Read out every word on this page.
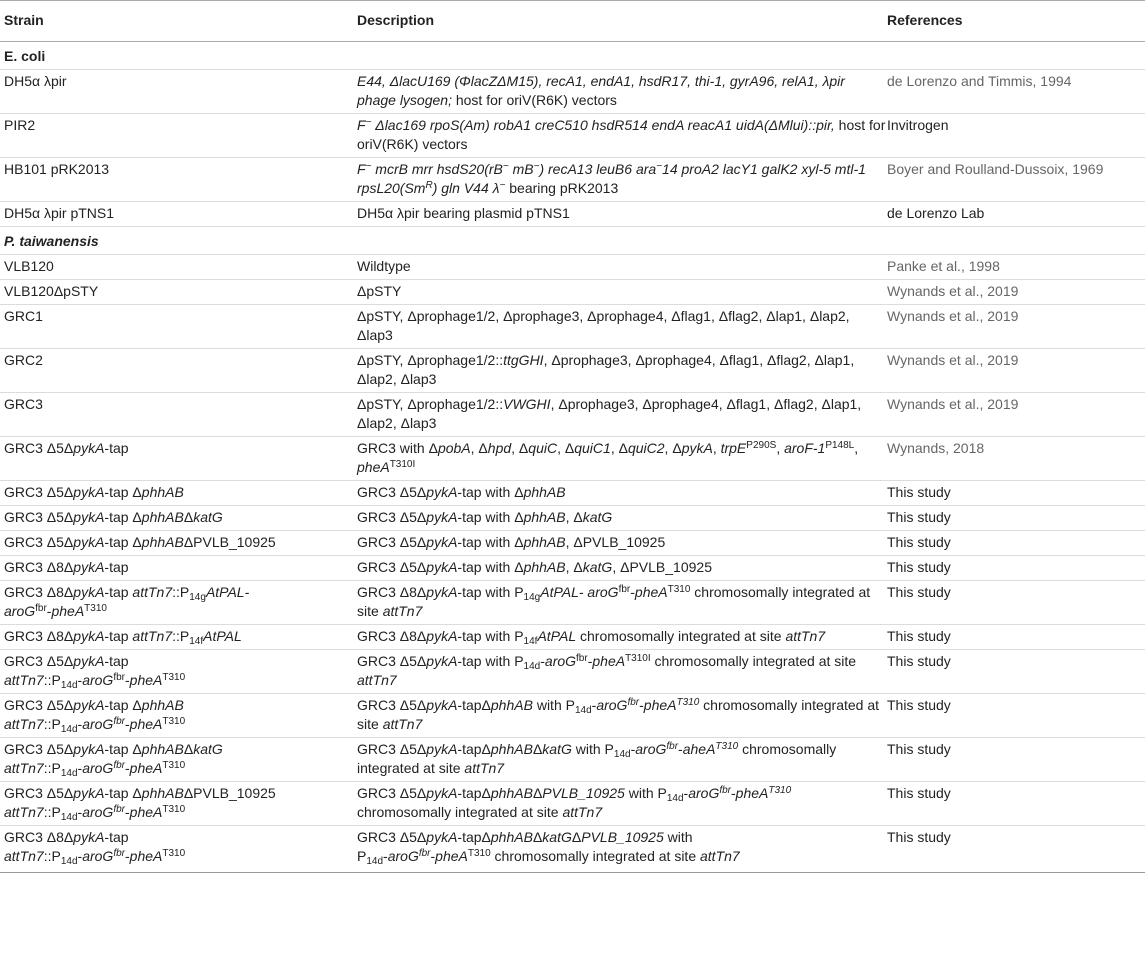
Strain	Description	References
E. coli		
DH5α λpir	E44, ΔlacU169 (ΦlacZΔM15), recA1, endA1, hsdR17, thi-1, gyrA96, relA1, λpir phage lysogen; host for oriV(R6K) vectors	de Lorenzo and Timmis, 1994
PIR2	F− Δlac169 rpoS(Am) robA1 creC510 hsdR514 endA reacA1 uidA(ΔMlui)::pir, host for oriV(R6K) vectors	Invitrogen
HB101 pRK2013	F− mcrB mrr hsdS20(rB− mB−) recA13 leuB6 ara−14 proA2 lacY1 galK2 xyl-5 mtl-1 $rpsL20(Sm^R)$ gln V44 λ− bearing pRK2013	Boyer and Roulland-Dussoix, 1969
DH5α λpir pTNS1	DH5α λpir bearing plasmid pTNS1	de Lorenzo Lab
P. taiwanensis		
VLB120	Wildtype	Panke et al., 1998
VLB120ΔpSTY	ΔpSTY	Wynands et al., 2019
GRC1	ΔpSTY, Δprophage1/2, Δprophage3, Δprophage4, Δflag1, Δflag2, Δlap1, Δlap2, Δlap3	Wynands et al., 2019
GRC2	ΔpSTY, Δprophage1/2::ttgGHI, Δprophage3, Δprophage4, Δflag1, Δflag2, Δlap1, Δlap2, Δlap3	Wynands et al., 2019
GRC3	ΔpSTY, Δprophage1/2::VWGHI, Δprophage3, Δprophage4, Δflag1, Δflag2, Δlap1, Δlap2, Δlap3	Wynands et al., 2019
GRC3 Δ5ΔpykA-tap	GRC3 with ΔpobA, Δhpd, ΔquiC, ΔquiC1, ΔquiC2, ΔpykA, trpE$^{P290S}$, aroF-$1^{P148L}$, pheA$^{T310I}$	Wynands, 2018
GRC3 Δ5ΔpykA-tap ΔphhAB	GRC3 Δ5ΔpykA-tap with ΔphhAB	This study
GRC3 Δ5ΔpykA-tap ΔphhABΔkatG	GRC3 Δ5ΔpykA-tap with ΔphhAB, ΔkatG	This study
GRC3 Δ5ΔpykA-tap ΔphhABΔPVLB_10925	GRC3 Δ5ΔpykA-tap with ΔphhAB, ΔPVLB_10925	This study
GRC3 Δ8ΔpykA-tap	GRC3 Δ5ΔpykA-tap with ΔphhAB, ΔkatG, ΔPVLB_10925	This study
GRC3 Δ8ΔpykA-tap $attTn7::P_{14g}AtPAL-$
aroG$^{fbr}$-pheA$^{T310}$	GRC3 Δ8ΔpykA-tap with $P_{14g}AtPAL-$ aroG$^{fbr}$-pheA$^{T310}$ chromosomally integrated at site attTn7	This study
GRC3 Δ8ΔpykA-tap $attTn7::P_{14f}AtPAL$	GRC3 Δ8ΔpykA-tap with $P_{14f}AtPAL$ chromosomally integrated at site attTn7	This study
GRC3 Δ5ΔpykA-tap
$attTn7::P_{14d}-aroG^{fbr}-pheA^{T310}$	GRC3 Δ5ΔpykA-tap with $P_{14d}-aroG^{fbr}-pheA^{T310I}$ chromosomally integrated at site attTn7	This study
GRC3 Δ5ΔpykA-tap ΔphhAB
$attTn7::P_{14d}-aroG^{fbr}-pheA^{T310}$	GRC3 Δ5ΔpykA-tapΔphhAB with $P_{14d}-aroG^{fbr}-pheA^{T310}$ chromosomally integrated at site attTn7	This study
GRC3 Δ5ΔpykA-tap ΔphhABΔkatG
$attTn7::P_{14d}-aroG^{fbr}-pheA^{T310}$	GRC3 Δ5ΔpykA-tapΔphhABΔkatG with $P_{14d}-aroG^{fbr}-aheA^{T310}$ chromosomally integrated at site attTn7	This study
GRC3 Δ5ΔpykA-tap ΔphhABΔPVLB_10925
$attTn7::P_{14d}-aroG^{fbr}-pheA^{T310}$	GRC3 Δ5ΔpykA-tapΔphhABΔPVLB_10925 with $P_{14d}-aroG^{fbr}-pheA^{T310}$ chromosomally integrated at site attTn7	This study
GRC3 Δ8ΔpykA-tap
$attTn7::P_{14d}-aroG^{fbr}-pheA^{T310}$	GRC3 Δ5ΔpykA-tapΔphhABΔkatGΔPVLB_10925 with
$P_{14d}-aroG^{fbr}-pheA^{T310}$ chromosomally integrated at site attTn7	This study
